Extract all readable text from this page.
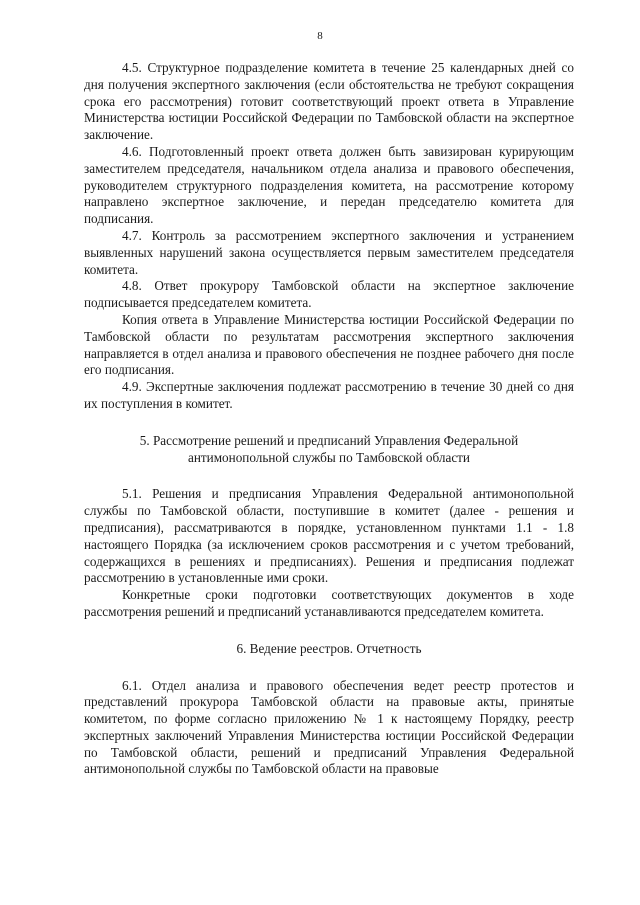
8

4.5. Структурное подразделение комитета в течение 25 календарных дней со дня получения экспертного заключения (если обстоятельства не требуют сокращения срока его рассмотрения) готовит соответствующий проект ответа в Управление Министерства юстиции Российской Федерации по Тамбовской области на экспертное заключение.

4.6. Подготовленный проект ответа должен быть завизирован курирующим заместителем председателя, начальником отдела анализа и правового обеспечения, руководителем структурного подразделения комитета, на рассмотрение которому направлено экспертное заключение, и передан председателю комитета для подписания.

4.7. Контроль за рассмотрением экспертного заключения и устранением выявленных нарушений закона осуществляется первым заместителем председателя комитета.

4.8. Ответ прокурору Тамбовской области на экспертное заключение подписывается председателем комитета.

Копия ответа в Управление Министерства юстиции Российской Федерации по Тамбовской области по результатам рассмотрения экспертного заключения направляется в отдел анализа и правового обеспечения не позднее рабочего дня после его подписания.

4.9. Экспертные заключения подлежат рассмотрению в течение 30 дней со дня их поступления в комитет.

5. Рассмотрение решений и предписаний Управления Федеральной
антимонопольной службы по Тамбовской области

5.1. Решения и предписания Управления Федеральной антимонопольной службы по Тамбовской области, поступившие в комитет (далее - решения и предписания), рассматриваются в порядке, установленном пунктами 1.1 - 1.8 настоящего Порядка (за исключением сроков рассмотрения и с учетом требований, содержащихся в решениях и предписаниях). Решения и предписания подлежат рассмотрению в установленные ими сроки.

Конкретные сроки подготовки соответствующих документов в ходе рассмотрения решений и предписаний устанавливаются председателем комитета.

6. Ведение реестров. Отчетность

6.1. Отдел анализа и правового обеспечения ведет реестр протестов и представлений прокурора Тамбовской области на правовые акты, принятые комитетом, по форме согласно приложению № 1 к настоящему Порядку, реестр экспертных заключений Управления Министерства юстиции Российской Федерации по Тамбовской области, решений и предписаний Управления Федеральной антимонопольной службы по Тамбовской области на правовые
